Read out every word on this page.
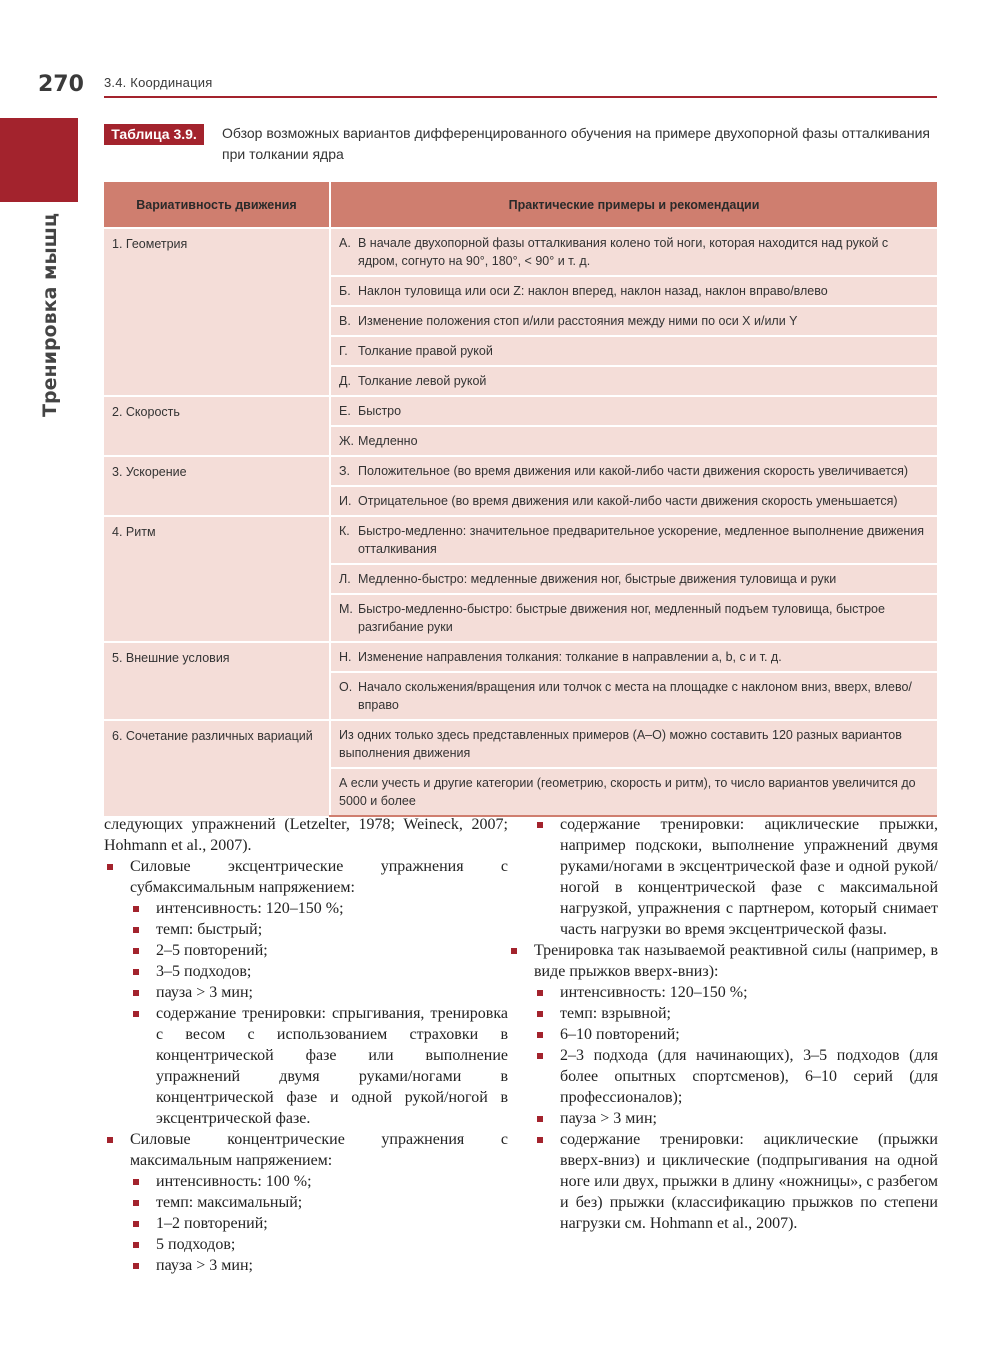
270 3.4. Координация
Тренировка мышц
Таблица 3.9.	Обзор возможных вариантов дифференцированного обучения на примере двухопорной фазы отталкивания при толкании ядра
Вариативность движения	Практические примеры и рекомендации
1. Геометрия	А. В начале двухопорной фазы отталкивания колено той ноги, которая находится над рукой с ядром, согнуто на 90°, 180°, < 90° и т. д.

	Б. Наклон туловища или оси Z: наклон вперед, наклон назад, наклон вправо/влево

	В. Изменение положения стоп и/или расстояния между ними по оси X и/или Y

	Г. Толкание правой рукой

	Д. Толкание левой рукой

2. Скорость	Е. Быстро

	Ж. Медленно

3. Ускорение	З. Положительное (во время движения или какой-либо части движения скорость увеличивается)

	И. Отрицательное (во время движения или какой-либо части движения скорость уменьшается)

4. Ритм	К. Быстро-медленно: значительное предварительное ускорение, медленное выполнение движения отталкивания

	Л. Медленно-быстро: медленные движения ног, быстрые движения туловища и руки

	М. Быстро-медленно-быстро: быстрые движения ног, медленный подъем туловища, быстрое разгибание руки

5. Внешние условия	Н. Изменение направления толкания: толкание в направлении a, b, c и т. д.

	О. Начало скольжения/вращения или толчок с места на площадке с наклоном вниз, вверх, влево/вправо

6. Сочетание различных вариаций	Из одних только здесь представленных примеров (А–О) можно составить 120 разных вариантов выполнения движения

	А если учесть и другие категории (геометрию, скорость и ритм), то число вариантов увеличится до 5000 и более

следующих упражнений (Letzelter, 1978; Weineck, 2007; Hohmann et al., 2007).

Силовые эксцентрические упражнения с субмаксимальным напряжением:
интенсивность: 120–150 %;
темп: быстрый;
2–5 повторений;
3–5 подходов;
пауза > 3 мин;
содержание тренировки: спрыгивания, тренировка с весом с использованием страховки в концентрической фазе или выполнение упражнений двумя руками/ногами в концентрической фазе и одной рукой/ногой в эксцентрической фазе.
Силовые концентрические упражнения с максимальным напряжением:
интенсивность: 100 %;
темп: максимальный;
1–2 повторений;
5 подходов;
пауза > 3 мин;
содержание тренировки: ациклические прыжки, например подскоки, выполнение упражнений двумя руками/ногами в эксцентрической фазе и одной рукой/ногой в концентрической фазе с максимальной нагрузкой, упражнения с партнером, который снимает часть нагрузки во время эксцентрической фазы.
Тренировка так называемой реактивной силы (например, в виде прыжков вверх-вниз):
интенсивность: 120–150 %;
темп: взрывной;
6–10 повторений;
2–3 подхода (для начинающих), 3–5 подходов (для более опытных спортсменов), 6–10 серий (для профессионалов);
пауза > 3 мин;
содержание тренировки: ациклические (прыжки вверх-вниз) и циклические (подпрыгивания на одной ноге или двух, прыжки в длину «ножницы», с разбегом и без) прыжки (классификацию прыжков по степени нагрузки см. Hohmann et al., 2007).
